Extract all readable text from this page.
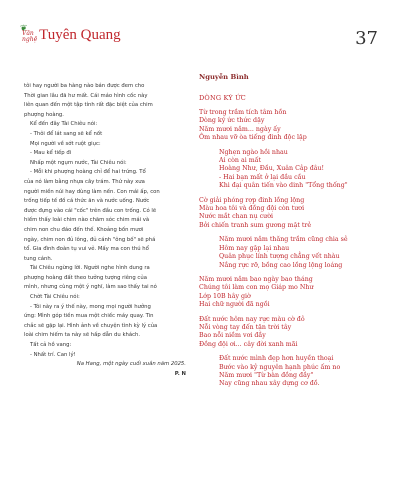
❦
Văn
nghệ Tuyên Quang	37

tôi hay người ba hàng nào bán được đem cho

Thời gian lâu đã hư mất. Cái máo hình cốc này

liên quan đến một tập tính rất đặc biệt của chim

phượng hoàng.

Kể đến đây Tài Chiêu nói:

- Thôi để lát sang sẽ kể nốt

Mọi người về sớt ruột giục:

- Mau kể tiếp đi

Nhấp một ngụm nước, Tài Chiêu nói:

- Mỗi khi phượng hoàng chỉ để hai trứng. Tổ

của nó làm bằng nhựa cây trám. Thứ này xưa

người miền núi hay dùng làm nến. Con mái ấp, con

trống tiếp tế đồ cá thức ăn và nước uống. Nước

được đựng vào cái "cốc" trên đầu con trống. Có lẽ

hiếm thấy loài chim nào chăm sóc chim mái và

chim non chu đáo đến thế. Khoảng bốn mươi

ngày, chim non đủ lông, đủ cánh "ông bố" sẽ phá

tổ. Gia đình đoàn tụ vui vẻ. Mấy ma con thú hổ

tung cánh.

Tài Chiêu ngừng lời. Người nghe hình dung ra

phượng hoàng đất theo tưởng tượng riêng của

mình, nhưng cùng một ý nghĩ, làm sao thấy tai nó

Chờt Tài Chiêu nói:

- Tôi này ra ý thế này, mong mọi người hưởng

ứng: Mình góp tiền mua một chiếc máy quay. Tin

chắc sẽ gặp lại. Hình ảnh về chuyện tình kỳ lý của

loài chim hiếm ta này sẽ hấp dẫn du khách.

Tất cả hồ vang:

- Nhất trí. Can lý!

Na Hang, một ngày cuối xuân năm 2025.

P. N

Nguyễn Bình

DÒNG KÝ ỨC

Từ trong trầm tích tâm hồn

Dòng ký ức thức dậy

Năm mươi năm... ngày ấy

Ôm nhau vỡ òa tiếng đinh độc lập

Nghẹn ngào hồi nhau

Ai còn ai mất

Hoàng Như, Đầu, Xuân Cảp đâu!

- Hai bạn mất ở lại đầu cầu

Khi đại quân tiến vào dinh "Tổng thống"

Cờ giải phóng rợp đinh lồng lộng

Màu hoa tôi và đồng đội còn tươi

Nước mắt chan nụ cười

Bởi chiến tranh sum gương mặt trẻ

Năm mươi năm thăng trầm cũng chia sẻ

Hôm nay gặp lại nhau

Quân phục lính tượng chẳng vết nhàu

Nắng rực rỡ, bồng cao lồng lộng loáng

Năm mươi năm bao ngày bao tháng

Chúng tôi làm con mọ Giáp mo Như

Lớp 10B hây giờ

Hai chữ người đã ngồi

Đất nước hôm nay rực màu cờ đỏ

Nỗi vòng tay đến tận trời tây

Bao nỗi niềm vơi đầy

Đồng đội ơi... cây đời xanh mãi

Đất nước mình đẹp hơn huyền thoại

Bước vào kỷ nguyên hạnh phúc ấm no

Năm mươi "Từ bàn đồng đầy"

Nay cũng nhau xây dựng cơ đồ.
